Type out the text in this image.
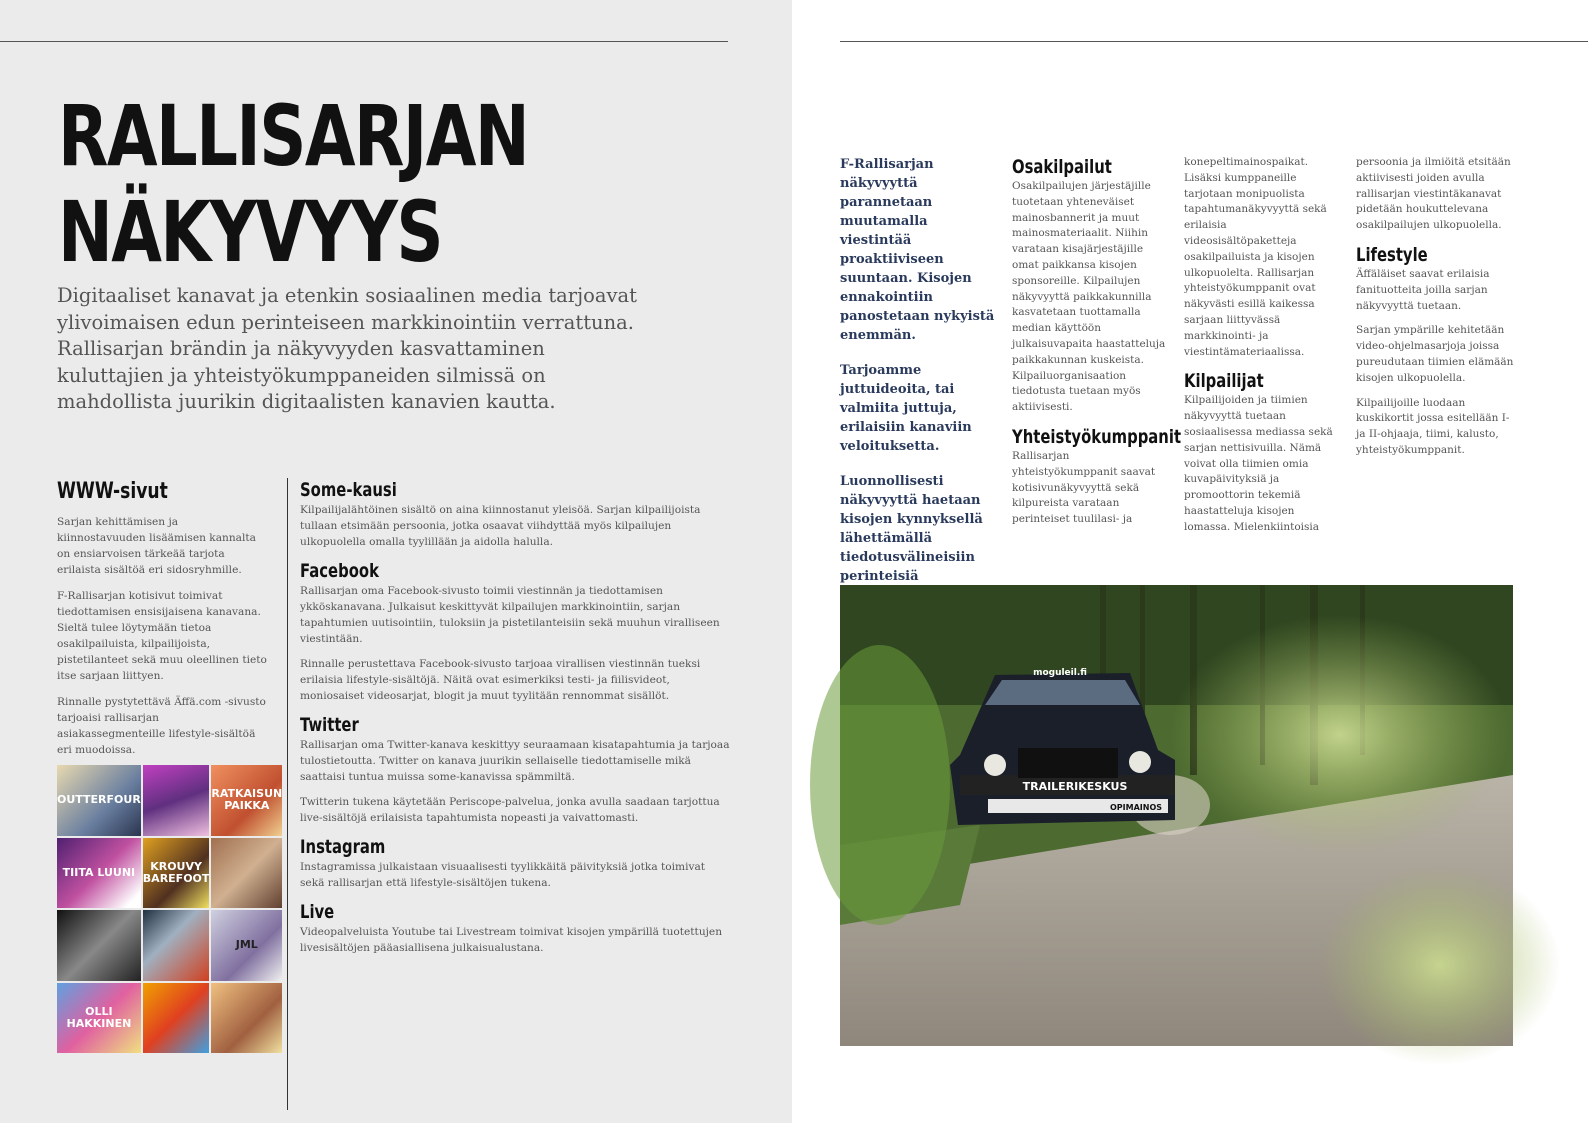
RALLISARJAN
NÄKYVYYS

Digitaaliset kanavat ja etenkin sosiaalinen media tarjoavat ylivoimaisen edun perinteiseen markkinointiin verrattuna. Rallisarjan brändin ja näkyvyyden kasvattaminen kuluttajien ja yhteistyökumppaneiden silmissä on mahdollista juurikin digitaalisten kanavien kautta.

WWW-sivut

Sarjan kehittämisen ja kiinnostavuuden lisäämisen kannalta on ensiarvoisen tärkeää tarjota erilaista sisältöä eri sidosryhmille.

F-Rallisarjan kotisivut toimivat tiedottamisen ensisijaisena kanavana. Sieltä tulee löytymään tietoa osakilpailuista, kilpailijoista, pistetilanteet sekä muu oleellinen tieto itse sarjaan liittyen.

Rinnalle pystytettävä Äffä.com -sivusto tarjoaisi rallisarjan asiakassegmenteille lifestyle-sisältöä eri muodoissa.

OUTTERFOUR	RATKAISUN PAIKKA
TIITA LUUNI	KROUVY BAREFOOT
JML
OLLI HAKKINEN
Some-kausi

Kilpailijalähtöinen sisältö on aina kiinnostanut yleisöä. Sarjan kilpailijoista tullaan etsimään persoonia, jotka osaavat viihdyttää myös kilpailujen ulkopuolella omalla tyylillään ja aidolla halulla.

Facebook

Rallisarjan oma Facebook-sivusto toimii viestinnän ja tiedottamisen ykköskanavana. Julkaisut keskittyvät kilpailujen markkinointiin, sarjan tapahtumien uutisointiin, tuloksiin ja pistetilanteisiin sekä muuhun viralliseen viestintään.

Rinnalle perustettava Facebook-sivusto tarjoaa virallisen viestinnän tueksi erilaisia lifestyle-sisältöjä. Näitä ovat esimerkiksi testi- ja fiilisvideot, moniosaiset videosarjat, blogit ja muut tyylitään rennommat sisällöt.

Twitter

Rallisarjan oma Twitter-kanava keskittyy seuraamaan kisatapahtumia ja tarjoaa tulostietoutta. Twitter on kanava juurikin sellaiselle tiedottamiselle mikä saattaisi tuntua muissa some-kanavissa spämmiltä.

Twitterin tukena käytetään Periscope-palvelua, jonka avulla saadaan tarjottua live-sisältöjä erilaisista tapahtumista nopeasti ja vaivattomasti.

Instagram

Instagramissa julkaistaan visuaalisesti tyylikkäitä päivityksiä jotka toimivat sekä rallisarjan että lifestyle-sisältöjen tukena.

Live

Videopalveluista Youtube tai Livestream toimivat kisojen ympärillä tuotettujen livesisältöjen pääasiallisena julkaisualustana.

F-Rallisarjan näkyvyyttä parannetaan muutamalla viestintää proaktiiviseen suuntaan. Kisojen ennakointiin panostetaan nykyistä enemmän.

Tarjoamme juttuideoita, tai valmiita juttuja, erilaisiin kanaviin veloituksetta.

Luonnollisesti näkyvyyttä haetaan kisojen kynnyksellä lähettämällä tiedotusvälineisiin perinteisiä

Osakilpailut

Osakilpailujen järjestäjille tuotetaan yhteneväiset mainosbannerit ja muut mainosmateriaalit. Niihin varataan kisajärjestäjille omat paikkansa kisojen sponsoreille. Kilpailujen näkyvyyttä paikkakunnilla kasvatetaan tuottamalla median käyttöön julkaisuvapaita haastatteluja paikkakunnan kuskeista. Kilpailuorganisaation tiedotusta tuetaan myös aktiivisesti.

Yhteistyökumppanit

Rallisarjan yhteistyökumppanit saavat kotisivunäkyvyyttä sekä kilpureista varataan perinteiset tuulilasi- ja

konepeltimainospaikat. Lisäksi kumppaneille tarjotaan monipuolista tapahtumanäkyvyyttä sekä erilaisia videosisältöpaketteja osakilpailuista ja kisojen ulkopuolelta. Rallisarjan yhteistyökumppanit ovat näkyvästi esillä kaikessa sarjaan liittyvässä markkinointi- ja viestintämateriaalissa.

Kilpailijat

Kilpailijoiden ja tiimien näkyvyyttä tuetaan sosiaalisessa mediassa sekä sarjan nettisivuilla. Nämä voivat olla tiimien omia kuvapäivityksiä ja promoottorin tekemiä haastatteluja kisojen lomassa. Mielenkiintoisia

persoonia ja ilmiöitä etsitään aktiivisesti joiden avulla rallisarjan viestintäkanavat pidetään houkuttelevana osakilpailujen ulkopuolella.

Lifestyle

Äffäläiset saavat erilaisia fanituotteita joilla sarjan näkyvyyttä tuetaan.

Sarjan ympärille kehitetään video-ohjelmasarjoja joissa pureudutaan tiimien elämään kisojen ulkopuolella.

Kilpailijoille luodaan kuskikortit jossa esitellään I- ja II-ohjaaja, tiimi, kalusto, yhteistyökumppanit.

TRAILERIKESKUS
OPIMAINOS
moguleil.fi
